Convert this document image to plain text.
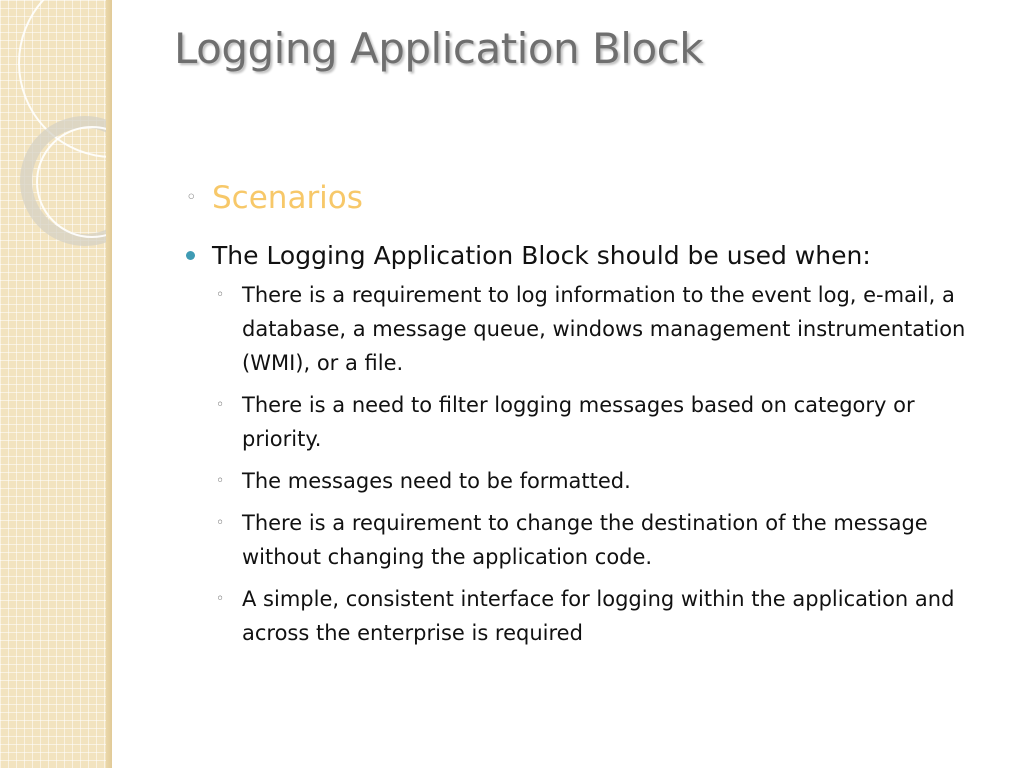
Logging Application Block
◦ Scenarios
The Logging Application Block should be used when:
◦ There is a requirement to log information to the event log, e-mail, a database, a message queue, windows management instrumentation (WMI), or a file.
◦ There is a need to filter logging messages based on category or priority.
◦ The messages need to be formatted.
◦ There is a requirement to change the destination of the message without changing the application code.
◦ A simple, consistent interface for logging within the application and across the enterprise is required
